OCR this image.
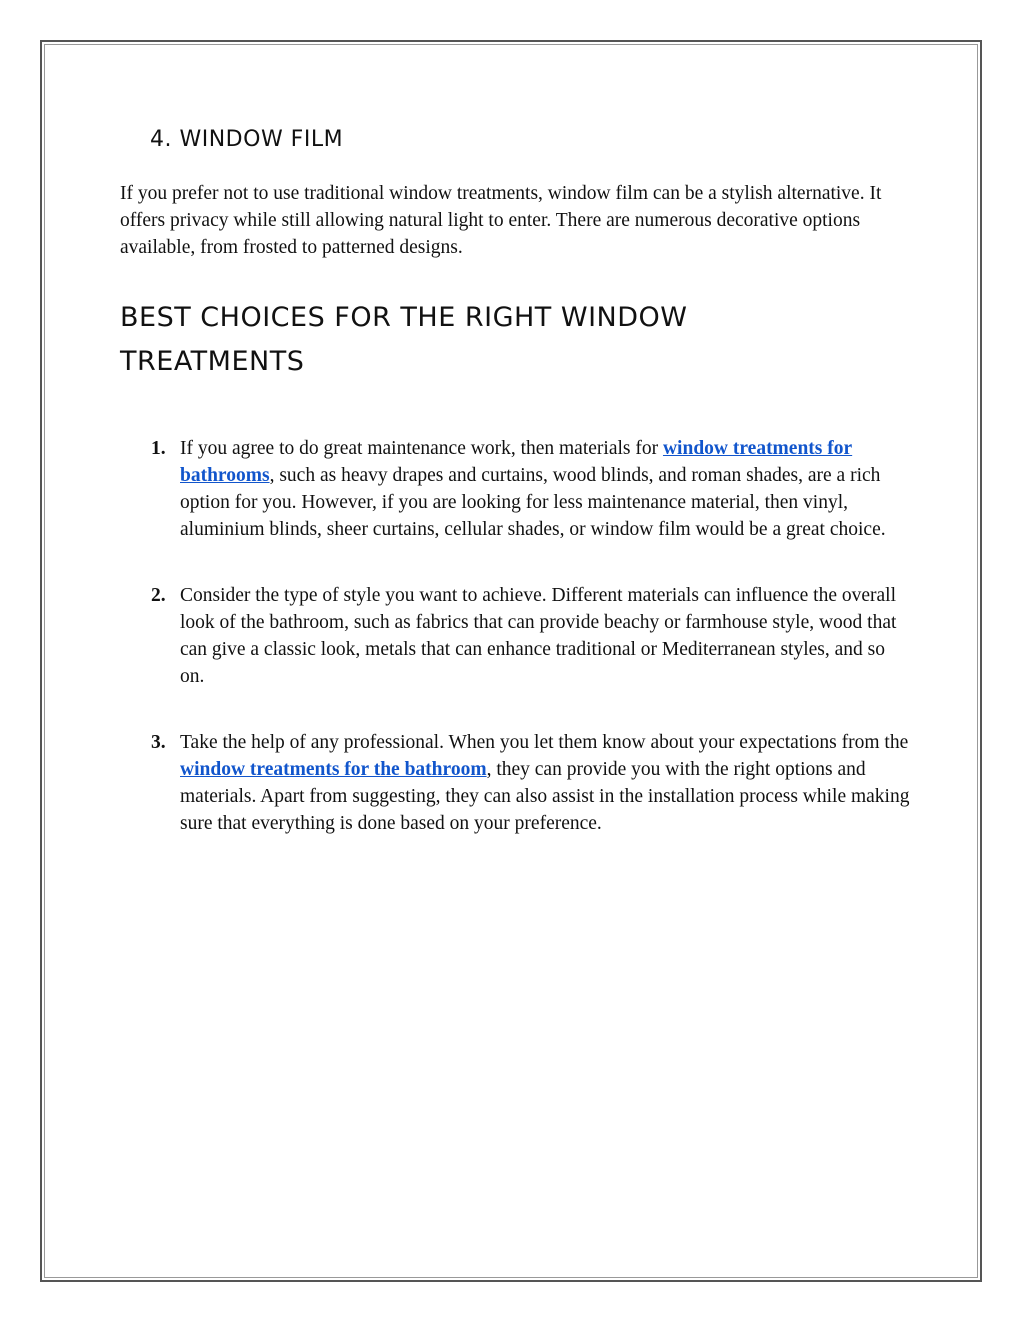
4. WINDOW FILM

If you prefer not to use traditional window treatments, window film can be a stylish alternative. It offers privacy while still allowing natural light to enter. There are numerous decorative options available, from frosted to patterned designs.

BEST CHOICES FOR THE RIGHT WINDOW TREATMENTS
1. If you agree to do great maintenance work, then materials for window treatments for bathrooms, such as heavy drapes and curtains, wood blinds, and roman shades, are a rich option for you. However, if you are looking for less maintenance material, then vinyl, aluminium blinds, sheer curtains, cellular shades, or window film would be a great choice.
2. Consider the type of style you want to achieve. Different materials can influence the overall look of the bathroom, such as fabrics that can provide beachy or farmhouse style, wood that can give a classic look, metals that can enhance traditional or Mediterranean styles, and so on.
3. Take the help of any professional. When you let them know about your expectations from the window treatments for the bathroom, they can provide you with the right options and materials. Apart from suggesting, they can also assist in the installation process while making sure that everything is done based on your preference.
